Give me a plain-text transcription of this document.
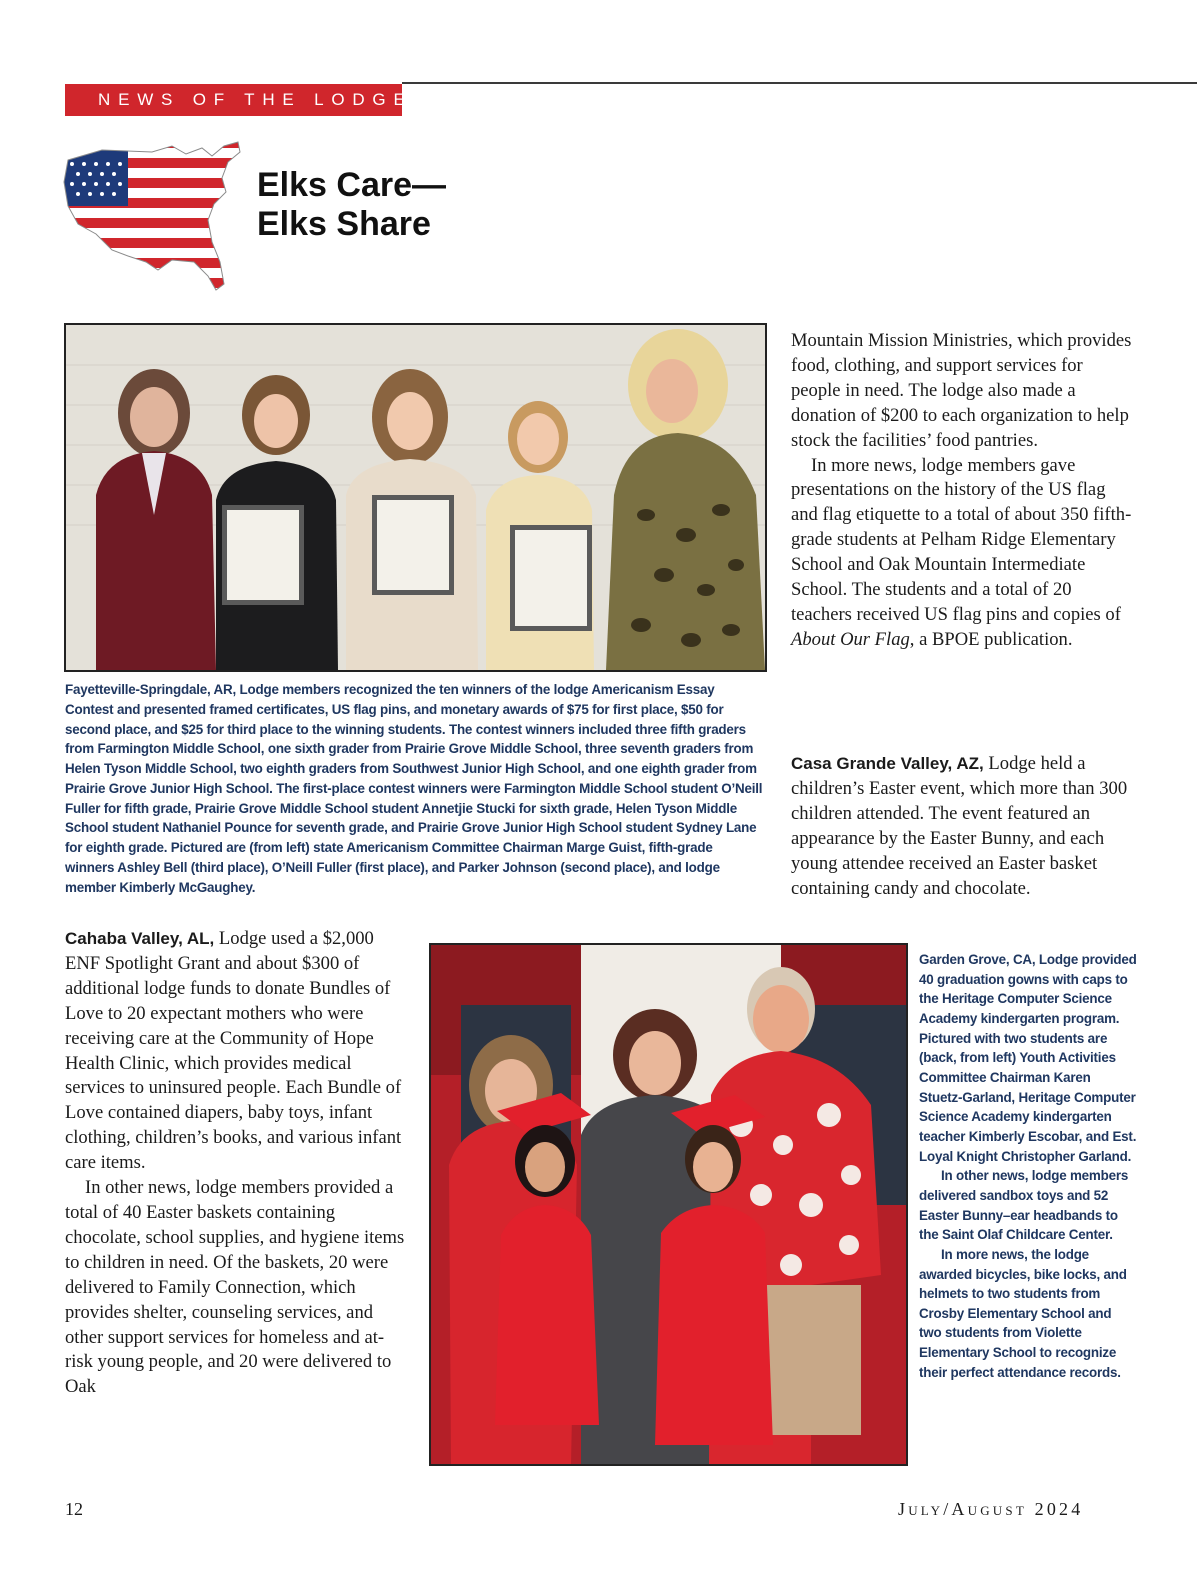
NEWS OF THE LODGES
Elks Care—
Elks Share
Fayetteville-Springdale, AR, Lodge members recognized the ten winners of the lodge Americanism Essay Contest and presented framed certificates, US flag pins, and monetary awards of $75 for first place, $50 for second place, and $25 for third place to the winning students. The contest winners included three fifth graders from Farmington Middle School, one sixth grader from Prairie Grove Middle School, three seventh graders from Helen Tyson Middle School, two eighth graders from Southwest Junior High School, and one eighth grader from Prairie Grove Junior High School. The first-place contest winners were Farmington Middle School student O’Neill Fuller for fifth grade, Prairie Grove Middle School student Annetjie Stucki for sixth grade, Helen Tyson Middle School student Nathaniel Pounce for seventh grade, and Prairie Grove Junior High School student Sydney Lane for eighth grade. Pictured are (from left) state Americanism Committee Chairman Marge Guist, fifth-grade winners Ashley Bell (third place), O’Neill Fuller (first place), and Parker Johnson (second place), and lodge member Kimberly McGaughey.

Cahaba Valley, AL, Lodge used a $2,000 ENF Spotlight Grant and about $300 of additional lodge funds to donate Bundles of Love to 20 expectant mothers who were receiving care at the Community of Hope Health Clinic, which provides medical services to uninsured people. Each Bundle of Love contained diapers, baby toys, infant clothing, children’s books, and various infant care items.

In other news, lodge members provided a total of 40 Easter baskets containing chocolate, school supplies, and hygiene items to children in need. Of the baskets, 20 were delivered to Family Connection, which provides shelter, counseling services, and other support services for homeless and at-risk young people, and 20 were delivered to Oak

Mountain Mission Ministries, which provides food, clothing, and support services for people in need. The lodge also made a donation of $200 to each organization to help stock the facilities’ food pantries.

In more news, lodge members gave presentations on the history of the US flag and flag etiquette to a total of about 350 fifth-grade students at Pelham Ridge Elementary School and Oak Mountain Intermediate School. The students and a total of 20 teachers received US flag pins and copies of About Our Flag, a BPOE publication.

Casa Grande Valley, AZ, Lodge held a children’s Easter event, which more than 300 children attended. The event featured an appearance by the Easter Bunny, and each young attendee received an Easter basket containing candy and chocolate.

Garden Grove, CA, Lodge provided 40 graduation gowns with caps to the Heritage Computer Science Academy kindergarten program. Pictured with two students are (back, from left) Youth Activities Committee Chairman Karen Stuetz-Garland, Heritage Computer Science Academy kindergarten teacher Kimberly Escobar, and Est. Loyal Knight Christopher Garland.

In other news, lodge members delivered sandbox toys and 52 Easter Bunny–ear headbands to the Saint Olaf Childcare Center.

In more news, the lodge awarded bicycles, bike locks, and helmets to two students from Crosby Elementary School and two students from Violette Elementary School to recognize their perfect attendance records.

12	July/August 2024
